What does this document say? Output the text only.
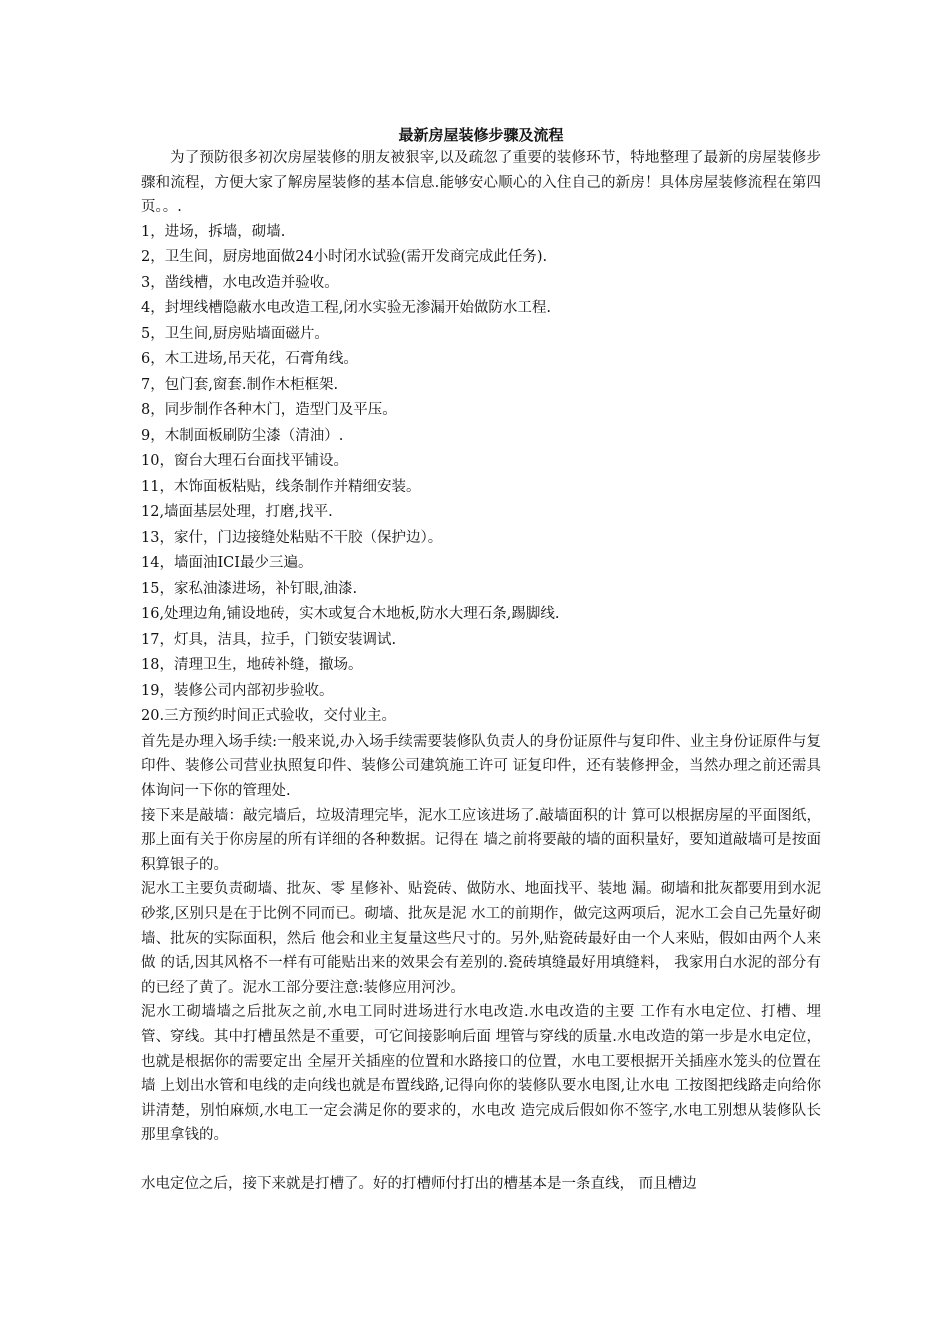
最新房屋装修步骤及流程

为了预防很多初次房屋装修的朋友被狠宰,以及疏忽了重要的装修环节，特地整理了最新的房屋装修步骤和流程，方便大家了解房屋装修的基本信息.能够安心顺心的入住自己的新房！具体房屋装修流程在第四页。。.

1，进场，拆墙，砌墙.

2，卫生间，厨房地面做24小时闭水试验(需开发商完成此任务).

3，凿线槽，水电改造并验收。

4，封埋线槽隐蔽水电改造工程,闭水实验无渗漏开始做防水工程.

5，卫生间,厨房贴墙面磁片。

6，木工进场,吊天花，石膏角线。

7，包门套,窗套.制作木柜框架.

8，同步制作各种木门，造型门及平压。

9，木制面板刷防尘漆（清油）.

10，窗台大理石台面找平铺设。

11，木饰面板粘贴，线条制作并精细安装。

12,墙面基层处理，打磨,找平.

13，家什，门边接缝处粘贴不干胶（保护边）。

14，墙面油ICI最少三遍。

15，家私油漆进场，补钉眼,油漆.

16,处理边角,铺设地砖，实木或复合木地板,防水大理石条,踢脚线.

17，灯具，洁具，拉手，门锁安装调试.

18，清理卫生，地砖补缝，撤场。

19，装修公司内部初步验收。

20.三方预约时间正式验收，交付业主。

首先是办理入场手续:一般来说,办入场手续需要装修队负责人的身份证原件与复印件、业主身份证原件与复印件、装修公司营业执照复印件、装修公司建筑施工许可 证复印件，还有装修押金，当然办理之前还需具体询问一下你的管理处.

接下来是敲墙：敲完墙后，垃圾清理完毕，泥水工应该进场了.敲墙面积的计 算可以根据房屋的平面图纸，那上面有关于你房屋的所有详细的各种数据。记得在 墙之前将要敲的墙的面积量好，要知道敲墙可是按面积算银子的。

泥水工主要负责砌墙、批灰、零 星修补、贴瓷砖、做防水、地面找平、装地 漏。砌墙和批灰都要用到水泥砂浆,区别只是在于比例不同而已。砌墙、批灰是泥 水工的前期作，做完这两项后，泥水工会自己先量好砌墙、批灰的实际面积，然后 他会和业主复量这些尺寸的。另外,贴瓷砖最好由一个人来贴，假如由两个人来做 的话,因其风格不一样有可能贴出来的效果会有差别的.瓷砖填缝最好用填缝料， 我家用白水泥的部分有的已经了黄了。泥水工部分要注意:装修应用河沙。

泥水工砌墙墙之后批灰之前,水电工同时进场进行水电改造.水电改造的主要 工作有水电定位、打槽、埋管、穿线。其中打槽虽然是不重要，可它间接影响后面 埋管与穿线的质量.水电改造的第一步是水电定位，也就是根据你的需要定出 全屋开关插座的位置和水路接口的位置，水电工要根据开关插座水笼头的位置在墙 上划出水管和电线的走向线也就是布置线路,记得向你的装修队要水电图,让水电 工按图把线路走向给你讲清楚，别怕麻烦,水电工一定会满足你的要求的，水电改 造完成后假如你不签字,水电工别想从装修队长那里拿钱的。

水电定位之后，接下来就是打槽了。好的打槽师付打出的槽基本是一条直线， 而且槽边
